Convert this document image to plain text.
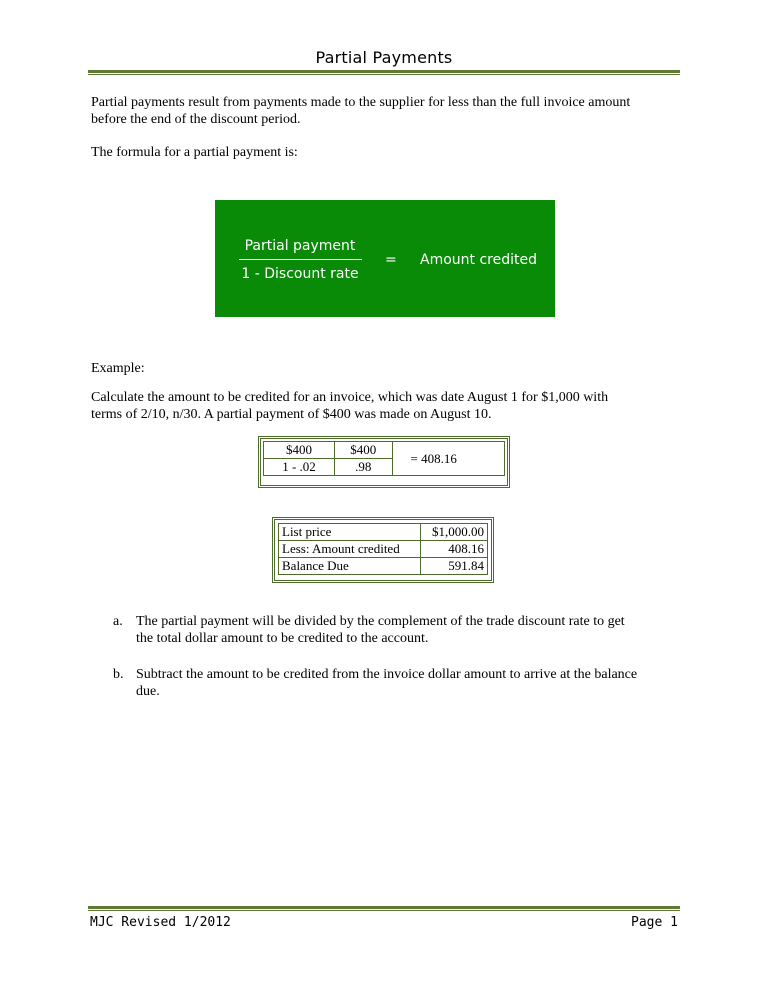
Partial Payments
Partial payments result from payments made to the supplier for less than the full invoice amount
before the end of the discount period.
The formula for a partial payment is:
Partial payment
1 - Discount rate
= Amount credited
Example:
Calculate the amount to be credited for an invoice, which was date August 1 for $1,000 with
terms of 2/10, n/30. A partial payment of $400 was made on August 10.
$400	$400	= 408.16
1 - .02	.98	
List price	$1,000.00
Less: Amount credited	408.16
Balance Due	591.84
a. The partial payment will be divided by the complement of the trade discount rate to get
the total dollar amount to be credited to the account.
b. Subtract the amount to be credited from the invoice dollar amount to arrive at the balance
due.
MJC Revised 1/2012	Page 1
